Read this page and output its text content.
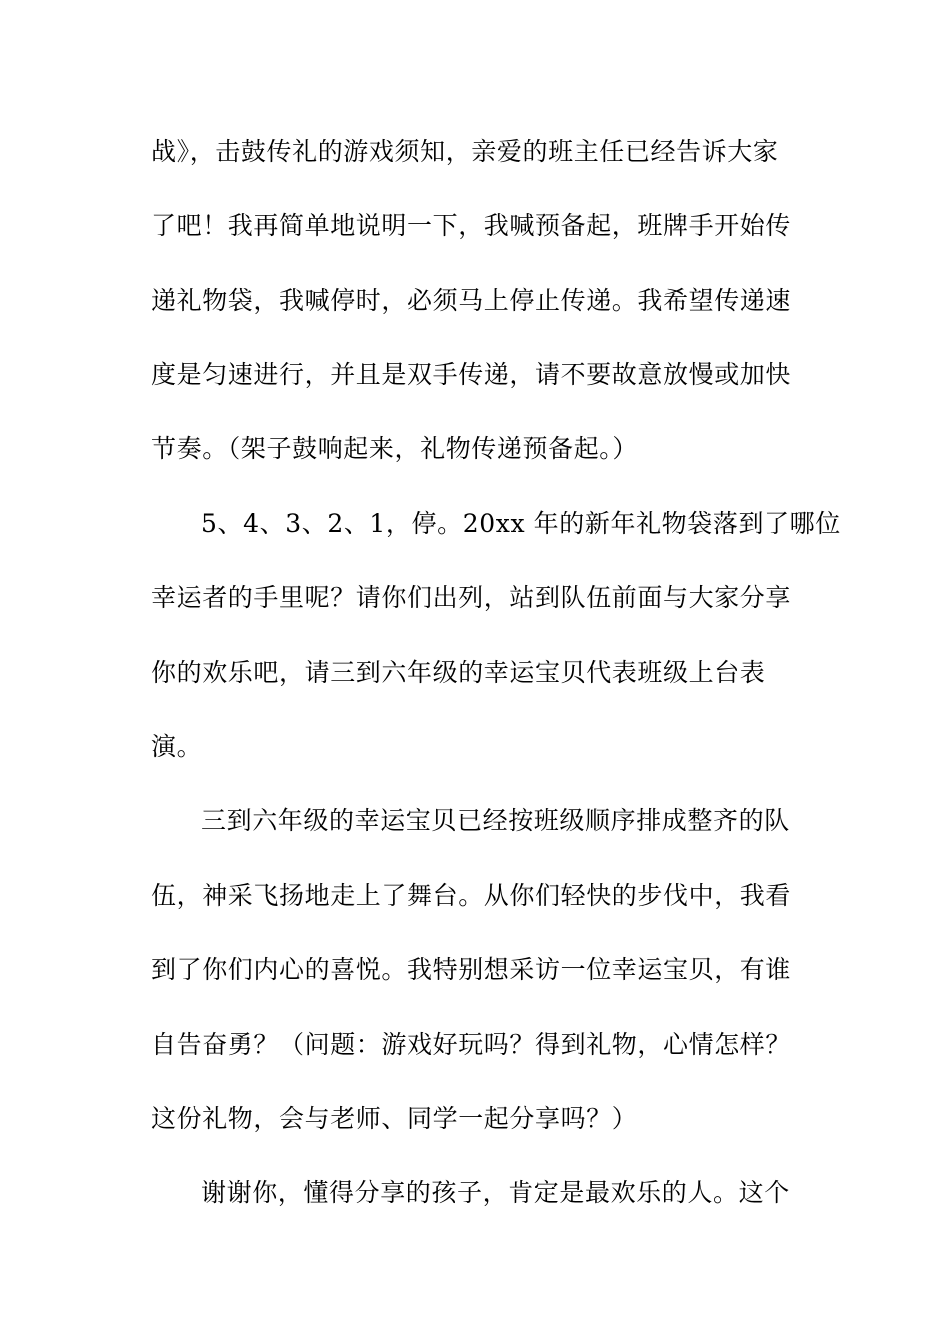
战》，击鼓传礼的游戏须知，亲爱的班主任已经告诉大家
了吧！我再简单地说明一下，我喊预备起，班牌手开始传
递礼物袋，我喊停时，必须马上停止传递。我希望传递速
度是匀速进行，并且是双手传递，请不要故意放慢或加快
节奏。（架子鼓响起来，礼物传递预备起。）
5、4、3、2、1，停。20xx 年的新年礼物袋落到了哪位
幸运者的手里呢？请你们出列，站到队伍前面与大家分享
你的欢乐吧，请三到六年级的幸运宝贝代表班级上台表
演。
三到六年级的幸运宝贝已经按班级顺序排成整齐的队
伍，神采飞扬地走上了舞台。从你们轻快的步伐中，我看
到了你们内心的喜悦。我特别想采访一位幸运宝贝，有谁
自告奋勇？（问题：游戏好玩吗？得到礼物，心情怎样？
这份礼物，会与老师、同学一起分享吗？）
谢谢你，懂得分享的孩子，肯定是最欢乐的人。这个
